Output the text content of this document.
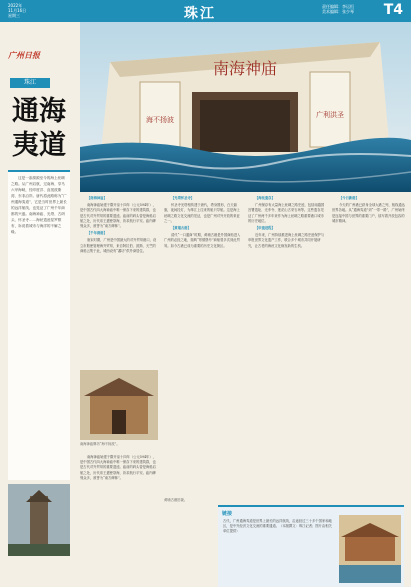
2022年
11月16日
星期三	珠江	责任编辑：李运恒
美术编辑：张少琴 T4
广州日报
珠江
通海夷道
南海神庙
海不扬波
广利洪圣

这是一条源源至今的海上丝绸之路。从广州启航，过南海、穿马六甲海峡，经印度洋、直抵波斯湾、东非沿岸。唐代将此路称为“广州通海夷道”，它是当时世界上最长的远洋航线，也见证了广州千年商都的兴盛。南海神庙、光塔、古码头、怀圣寺……海丝遗迹星罗棋布，诉说着城市与海洋的不解之缘。

【南海神庙】

南海神庙始建于隋开皇十四年（公元594年），是中国古代四大海神庙中唯一保存下来的建筑群，也是古代对外贸易的重要遗迹。庙前的码头曾是海船启航之处，历代帝王遣使祭海，祈求航行平安。庙内碑刻众多，被誉为“南方碑林”。

【千年商港】

唐宋时期，广州是中国最大的对外贸易港口，设立市舶使管理海外贸易，来自阿拉伯、波斯、天竺的商船云集于此，城西设有“蕃坊”供外商居住。

南海神庙牌坊“海不扬波”。

南海神庙始建于隋开皇十四年（公元594年），是中国古代四大海神庙中唯一保存下来的建筑群，也是古代对外贸易的重要遗迹。庙前的码头曾是海船启航之处，历代帝王遣使祭海，祈求航行平安。庙内碑刻众多，被誉为“南方碑林”。

【光塔怀圣寺】

怀圣寺光塔相传建于唐代，塔身圆形，白天悬旗，夜间挂灯，为珠江上往来的船只导航。这是海上丝绸之路文化交流的见证，也是广州对外开放的象征之一。

【黄埔古港】

清代“一口通商”时期，黄埔古港是外国商船进入广州的必经之地，瑞典“哥德堡号”商船曾多次到此贸易。如今古港已成为重要的历史文化街区。

【海丝遗存】

广州保存有大量海上丝绸之路史迹，包括南越国宫署遗址、光孝寺、莲花山古采石场等。这些遗存见证了广州两千多年来作为海上丝绸之路重要港口城市的历史地位。

【申遗进程】

近年来，广州持续推进海上丝绸之路史迹保护与申报世界文化遗产工作，联合多个城市共同开展研究，让古老的海丝文化焕发新的生机。

【今日新港】

今天的广州港已跻身全球大港之列，航线通达世界各地。从“通海夷道”到“一带一路”，广州始终是连接中国与世界的重要门户，续写着开放包容的城市精神。

黄埔古港旧貌。
链接
古代，广州通海夷道是世界上最长的远洋航线，沿途经过三十多个国家和地区，是中外经济文化交流的重要通道。（本版撰文：珠江记者；图片由相关单位提供）
